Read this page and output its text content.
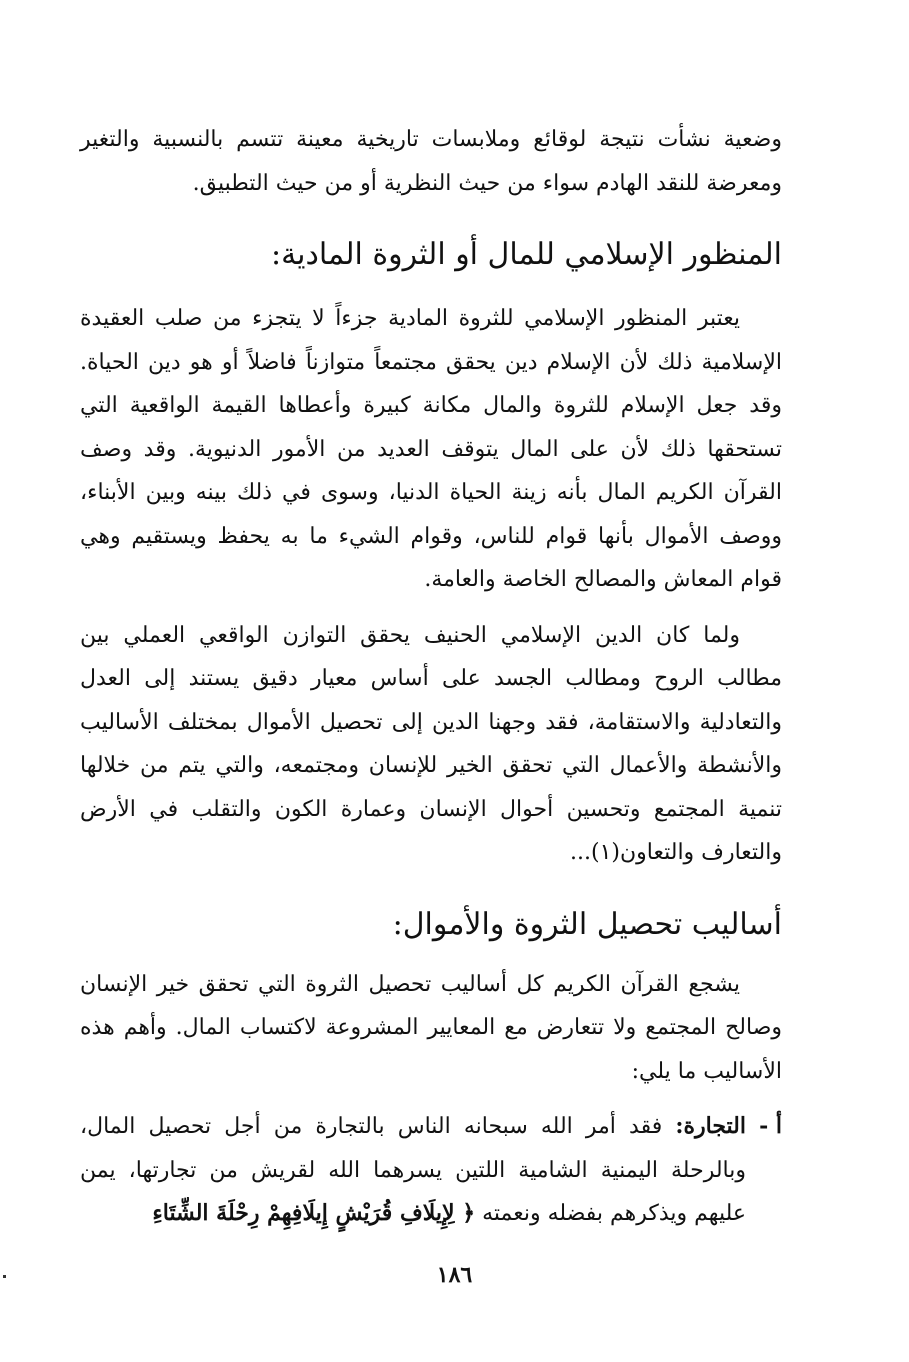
وضعية نشأت نتيجة لوقائع وملابسات تاريخية معينة تتسم بالنسبية والتغير ومعرضة للنقد الهادم سواء من حيث النظرية أو من حيث التطبيق.

المنظور الإسلامي للمال أو الثروة المادية:

يعتبر المنظور الإسلامي للثروة المادية جزءاً لا يتجزء من صلب العقيدة الإسلامية ذلك لأن الإسلام دين يحقق مجتمعاً متوازناً فاضلاً أو هو دين الحياة. وقد جعل الإسلام للثروة والمال مكانة كبيرة وأعطاها القيمة الواقعية التي تستحقها ذلك لأن على المال يتوقف العديد من الأمور الدنيوية. وقد وصف القرآن الكريم المال بأنه زينة الحياة الدنيا، وسوى في ذلك بينه وبين الأبناء، ووصف الأموال بأنها قوام للناس، وقوام الشيء ما به يحفظ ويستقيم وهي قوام المعاش والمصالح الخاصة والعامة.

ولما كان الدين الإسلامي الحنيف يحقق التوازن الواقعي العملي بين مطالب الروح ومطالب الجسد على أساس معيار دقيق يستند إلى العدل والتعادلية والاستقامة، فقد وجهنا الدين إلى تحصيل الأموال بمختلف الأساليب والأنشطة والأعمال التي تحقق الخير للإنسان ومجتمعه، والتي يتم من خلالها تنمية المجتمع وتحسين أحوال الإنسان وعمارة الكون والتقلب في الأرض والتعارف والتعاون(١)...

أساليب تحصيل الثروة والأموال:

يشجع القرآن الكريم كل أساليب تحصيل الثروة التي تحقق خير الإنسان وصالح المجتمع ولا تتعارض مع المعايير المشروعة لاكتساب المال. وأهم هذه الأساليب ما يلي:

أ -
التجارة: فقد أمر الله سبحانه الناس بالتجارة من أجل تحصيل المال، وبالرحلة اليمنية الشامية اللتين يسرهما الله لقريش من تجارتها، يمن عليهم ويذكرهم بفضله ونعمته ﴿ لِإِيلَافِ قُرَيْشٍ إِيلَافِهِمْ رِحْلَةَ الشِّتَاءِ
١٨٦
